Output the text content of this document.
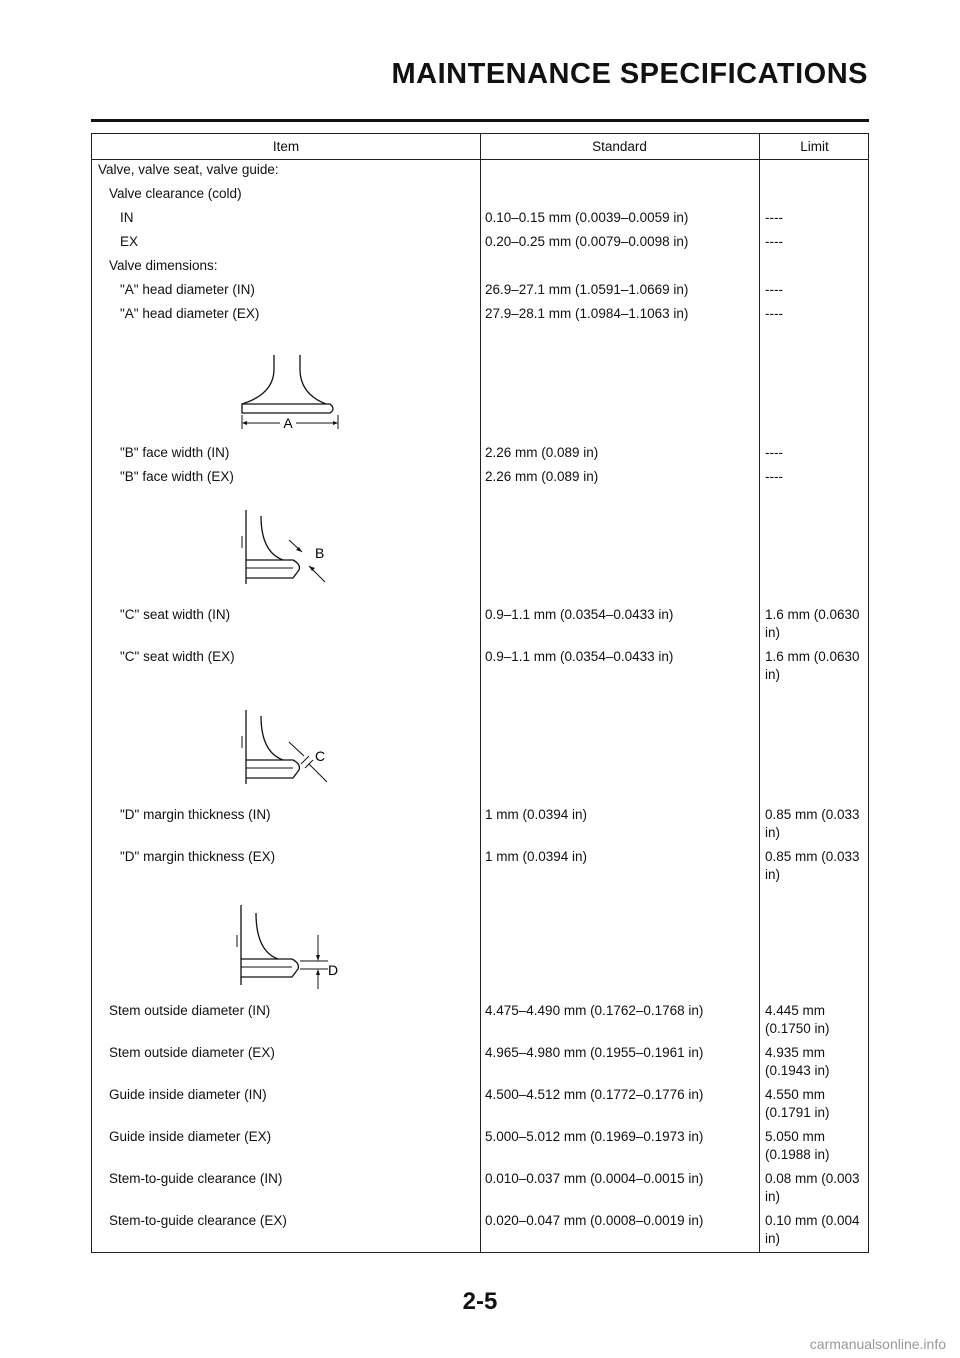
MAINTENANCE SPECIFICATIONS
Item	Standard	Limit
Valve, valve seat, valve guide:
Valve clearance (cold)
IN	0.10–0.15 mm (0.0039–0.0059 in)	----
EX	0.20–0.25 mm (0.0079–0.0098 in)	----
Valve dimensions:
"A" head diameter (IN)	26.9–27.1 mm (1.0591–1.0669 in)	----
"A" head diameter (EX)	27.9–28.1 mm (1.0984–1.1063 in)	----
A
"B" face width (IN)	2.26 mm (0.089 in)	----
"B" face width (EX)	2.26 mm (0.089 in)	----
B
"C" seat width (IN)	0.9–1.1 mm (0.0354–0.0433 in)	1.6 mm (0.0630 in)
"C" seat width (EX)	0.9–1.1 mm (0.0354–0.0433 in)	1.6 mm (0.0630 in)
C
"D" margin thickness (IN)	1 mm (0.0394 in)	0.85 mm (0.033 in)
"D" margin thickness (EX)	1 mm (0.0394 in)	0.85 mm (0.033 in)
D
Stem outside diameter (IN)	4.475–4.490 mm (0.1762–0.1768 in)	4.445 mm (0.1750 in)
Stem outside diameter (EX)	4.965–4.980 mm (0.1955–0.1961 in)	4.935 mm (0.1943 in)
Guide inside diameter (IN)	4.500–4.512 mm (0.1772–0.1776 in)	4.550 mm (0.1791 in)
Guide inside diameter (EX)	5.000–5.012 mm (0.1969–0.1973 in)	5.050 mm (0.1988 in)
Stem-to-guide clearance (IN)	0.010–0.037 mm (0.0004–0.0015 in)	0.08 mm (0.003 in)
Stem-to-guide clearance (EX)	0.020–0.047 mm (0.0008–0.0019 in)	0.10 mm (0.004 in)
2-5
carmanualsonline.info
